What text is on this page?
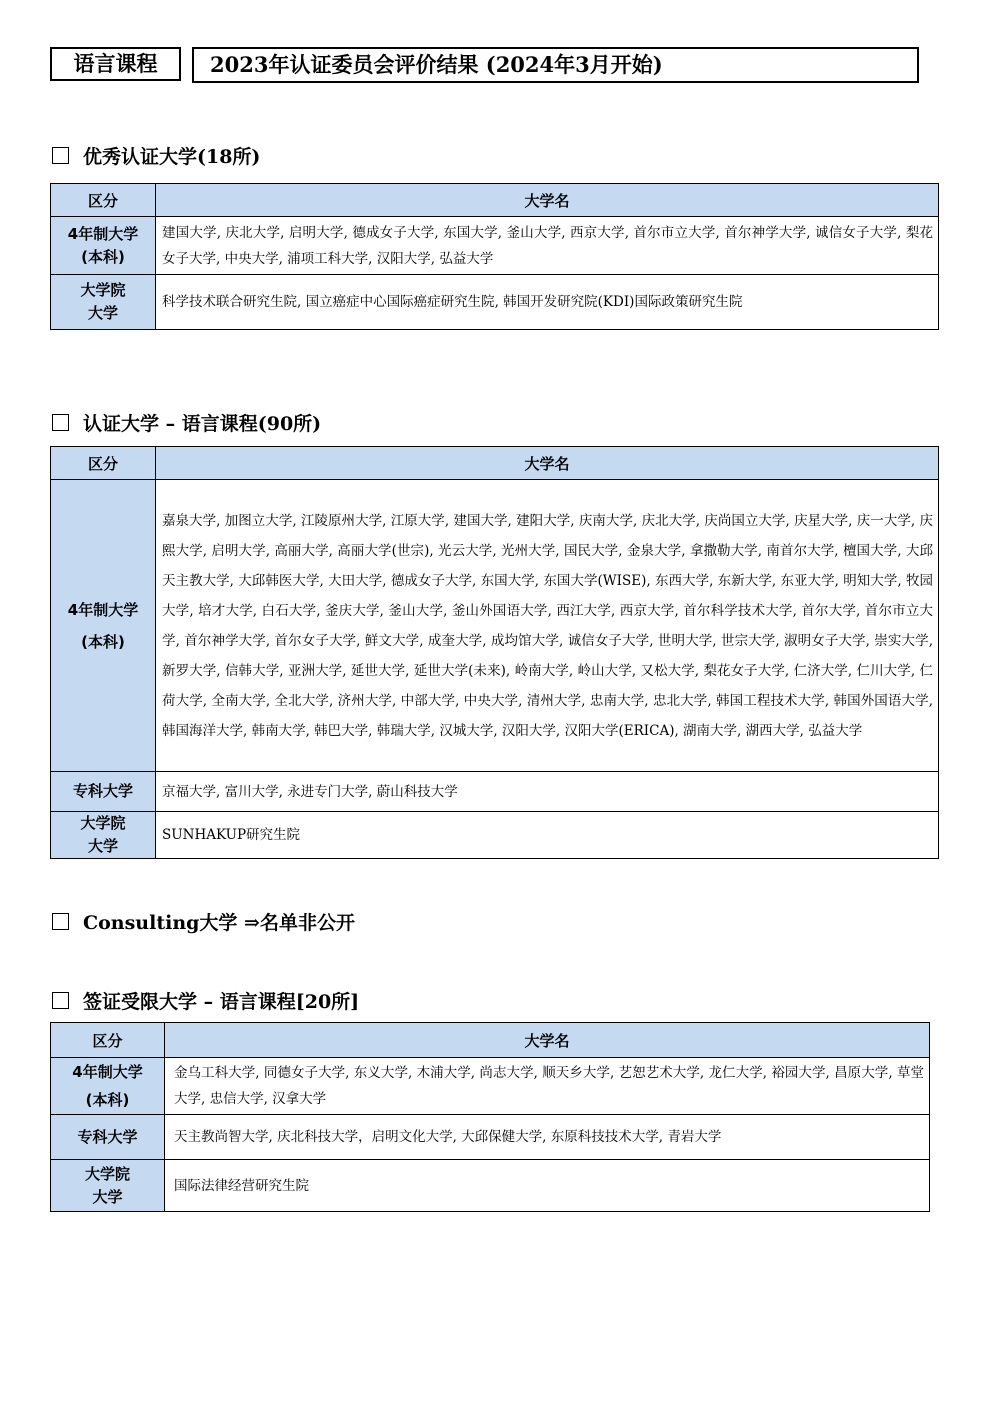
语言课程	2023年认证委员会评价结果 (2024年3月开始)
优秀认证大学(18所)
区分	大学名
4年制大学
(本科)	建国大学, 庆北大学, 启明大学, 德成女子大学, 东国大学, 釜山大学, 西京大学, 首尔市立大学, 首尔神学大学, 诚信女子大学, 梨花女子大学, 中央大学, 浦项工科大学, 汉阳大学, 弘益大学
大学院
大学	科学技术联合研究生院, 国立癌症中心国际癌症研究生院, 韩国开发研究院(KDI)国际政策研究生院
认证大学 – 语言课程(90所)
区分	大学名
4年制大学
(本科)	嘉泉大学, 加图立大学, 江陵原州大学, 江原大学, 建国大学, 建阳大学, 庆南大学, 庆北大学, 庆尚国立大学, 庆星大学, 庆一大学, 庆熙大学, 启明大学, 高丽大学, 高丽大学(世宗), 光云大学, 光州大学, 国民大学, 金泉大学, 拿撒勒大学, 南首尔大学, 檀国大学, 大邱天主教大学, 大邱韩医大学, 大田大学, 德成女子大学, 东国大学, 东国大学(WISE), 东西大学, 东新大学, 东亚大学, 明知大学, 牧园大学, 培才大学, 白石大学, 釜庆大学, 釜山大学, 釜山外国语大学, 西江大学, 西京大学, 首尔科学技术大学, 首尔大学, 首尔市立大学, 首尔神学大学, 首尔女子大学, 鲜文大学, 成奎大学, 成均馆大学, 诚信女子大学, 世明大学, 世宗大学, 淑明女子大学, 崇实大学, 新罗大学, 信韩大学, 亚洲大学, 延世大学, 延世大学(未来), 岭南大学, 岭山大学, 又松大学, 梨花女子大学, 仁济大学, 仁川大学, 仁荷大学, 全南大学, 全北大学, 济州大学, 中部大学, 中央大学, 清州大学, 忠南大学, 忠北大学, 韩国工程技术大学, 韩国外国语大学, 韩国海洋大学, 韩南大学, 韩巴大学, 韩瑞大学, 汉城大学, 汉阳大学, 汉阳大学(ERICA), 湖南大学, 湖西大学, 弘益大学
专科大学	京福大学, 富川大学, 永进专门大学, 蔚山科技大学
大学院
大学	SUNHAKUP研究生院
Consulting大学 ⇒名单非公开
签证受限大学 – 语言课程[20所]
区分	大学名
4年制大学
(本科)	金乌工科大学, 同德女子大学, 东义大学, 木浦大学, 尚志大学, 顺天乡大学, 艺恕艺术大学, 龙仁大学, 裕园大学, 昌原大学, 草堂大学, 忠信大学, 汉拿大学
专科大学	天主教尚智大学, 庆北科技大学，启明文化大学, 大邱保健大学, 东原科技技术大学, 青岩大学
大学院
大学	国际法律经营研究生院
